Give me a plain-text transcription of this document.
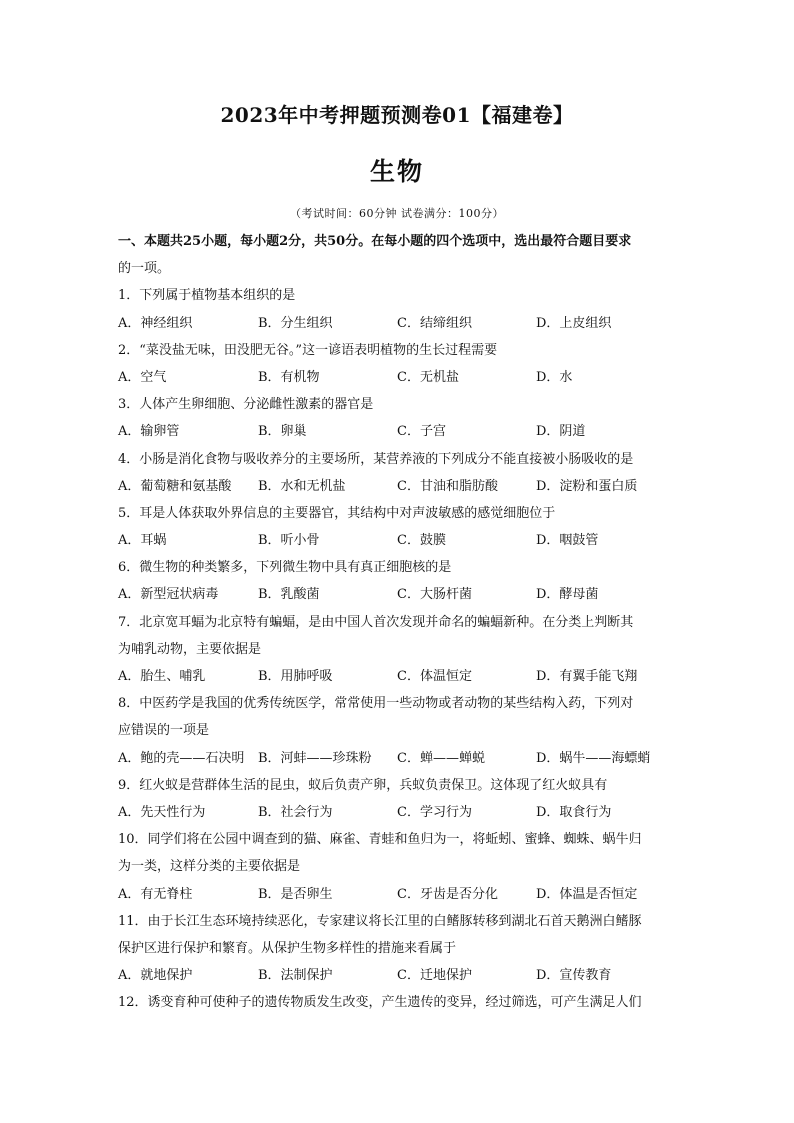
2023年中考押题预测卷01【福建卷】
生物
（考试时间：60分钟 试卷满分：100分）
一、本题共25小题，每小题2分，共50分。在每小题的四个选项中，选出最符合题目要求
的一项。
1．下列属于植物基本组织的是
A．神经组织	B．分生组织	C．结缔组织	D．上皮组织
2．“菜没盐无味，田没肥无谷。”这一谚语表明植物的生长过程需要
A．空气	B．有机物	C．无机盐	D．水
3．人体产生卵细胞、分泌雌性激素的器官是
A．输卵管	B．卵巢	C．子宫	D．阴道
4．小肠是消化食物与吸收养分的主要场所，某营养液的下列成分不能直接被小肠吸收的是
A．葡萄糖和氨基酸 B．水和无机盐	C．甘油和脂肪酸	D．淀粉和蛋白质
5．耳是人体获取外界信息的主要器官，其结构中对声波敏感的感觉细胞位于
A．耳蜗	B．听小骨	C．鼓膜	D．咽鼓管
6．微生物的种类繁多，下列微生物中具有真正细胞核的是
A．新型冠状病毒	B．乳酸菌	C．大肠杆菌	D．酵母菌
7．北京宽耳蝠为北京特有蝙蝠，是由中国人首次发现并命名的蝙蝠新种。在分类上判断其
为哺乳动物，主要依据是
A．胎生、哺乳	B．用肺呼吸	C．体温恒定	D．有翼手能飞翔
8．中医药学是我国的优秀传统医学，常常使用一些动物或者动物的某些结构入药，下列对
应错误的一项是
A．鲍的壳——石决明 B．河蚌——珍珠粉 C．蝉——蝉蜕	D．蜗牛——海螵蛸
9．红火蚁是营群体生活的昆虫，蚁后负责产卵，兵蚁负责保卫。这体现了红火蚁具有
A．先天性行为	B．社会行为	C．学习行为	D．取食行为
10．同学们将在公园中调查到的猫、麻雀、青蛙和鱼归为一，将蚯蚓、蜜蜂、蜘蛛、蜗牛归
为一类，这样分类的主要依据是
A．有无脊柱	B．是否卵生	C．牙齿是否分化	D．体温是否恒定
11．由于长江生态环境持续恶化，专家建议将长江里的白鳍豚转移到湖北石首天鹅洲白鳍豚
保护区进行保护和繁育。从保护生物多样性的措施来看属于
A．就地保护	B．法制保护	C．迁地保护	D．宣传教育
12．诱变育种可使种子的遗传物质发生改变，产生遗传的变异，经过筛选，可产生满足人们
